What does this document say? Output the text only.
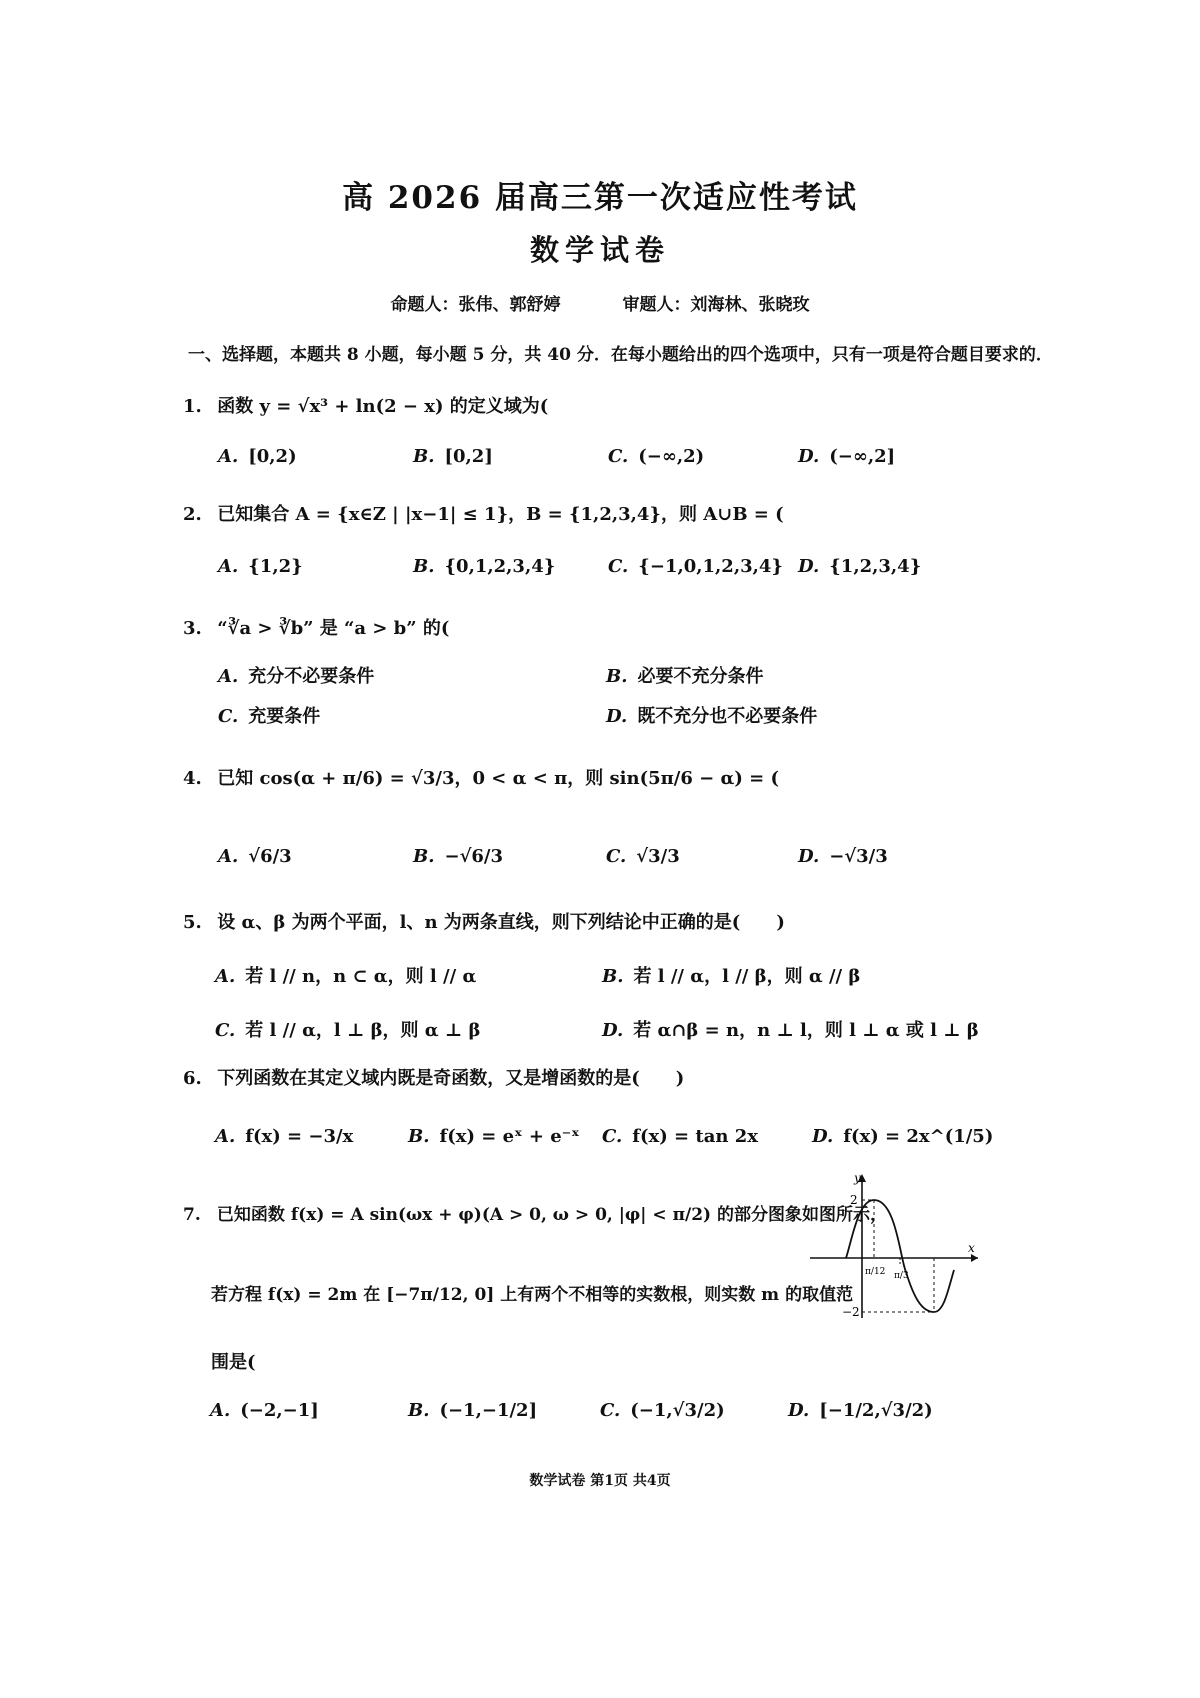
高 2026 届高三第一次适应性考试
数学试卷
命题人：张伟、郭舒婷	审题人：刘海林、张晓玫
一、选择题，本题共 8 小题，每小题 5 分，共 40 分．在每小题给出的四个选项中，只有一项是符合题目要求的．
1. 函数 y = √x³ + ln(2 − x) 的定义域为(
A. [0,2)	B. [0,2]	C. (−∞,2)	D. (−∞,2]
2. 已知集合 A = {x∈Z | |x−1| ≤ 1}，B = {1,2,3,4}，则 A∪B = (
A. {1,2}	B. {0,1,2,3,4}	C. {−1,0,1,2,3,4} D. {1,2,3,4}
3. “∛a > ∛b” 是 “a > b” 的(
A. 充分不必要条件	B. 必要不充分条件
C. 充要条件	D. 既不充分也不必要条件
4. 已知 cos(α + π/6) = √3/3，0 < α < π，则 sin(5π/6 − α) = (
A. √6/3	B. −√6/3	C. √3/3	D. −√3/3
5. 设 α、β 为两个平面，l、n 为两条直线，则下列结论中正确的是(　　)
A. 若 l // n，n ⊂ α，则 l // α	B. 若 l // α，l // β，则 α // β
C. 若 l // α，l ⊥ β，则 α ⊥ β	D. 若 α∩β = n，n ⊥ l，则 l ⊥ α 或 l ⊥ β
6. 下列函数在其定义域内既是奇函数，又是增函数的是(　　)
A. f(x) = −3/x	B. f(x) = eˣ + e⁻ˣ C. f(x) = tan 2x	D. f(x) = 2x^(1/5)
7. 已知函数 f(x) = A sin(ωx + φ)(A > 0, ω > 0, |φ| < π/2) 的部分图象如图所示，
若方程 f(x) = 2m 在 [−7π/12, 0] 上有两个不相等的实数根，则实数 m 的取值范
围是(
y
x
2
−2
π/12 π/3
A. (−2,−1]	B. (−1,−1/2]	C. (−1,√3/2)	D. [−1/2,√3/2)
数学试卷 第1页 共4页
